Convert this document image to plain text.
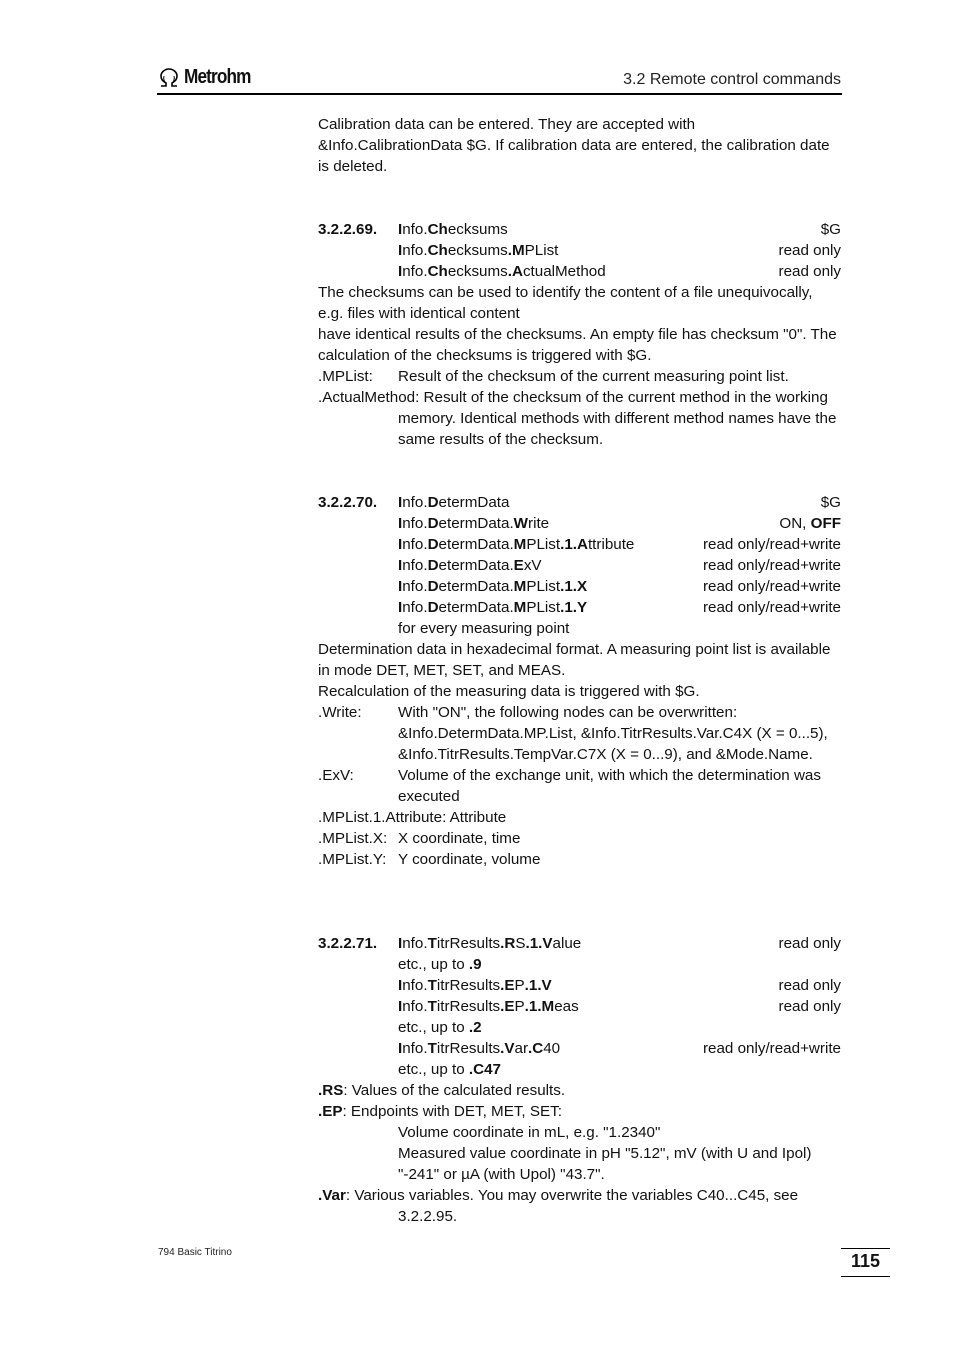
Metrohm	3.2 Remote control commands

Calibration data can be entered. They are accepted with &Info.CalibrationData $G. If calibration data are entered, the calibration date is deleted.

3.2.2.69.	Info.Checksums	$G
Info.Checksums.MPList	read only
Info.Checksums.ActualMethod	read only

The checksums can be used to identify the content of a file unequivocally, e.g. files with identical content

have identical results of the checksums. An empty file has checksum "0". The calculation of the checksums is triggered with $G.

.MPList:	Result of the checksum of the current measuring point list.
.ActualMethod: Result of the checksum of the current method in the working
memory. Identical methods with different method names have the same results of the checksum.
3.2.2.70.	Info.DetermData	$G
Info.DetermData.Write	ON, OFF
Info.DetermData.MPList.1.Attribute	read only/read+write
Info.DetermData.ExV	read only/read+write
Info.DetermData.MPList.1.X	read only/read+write
Info.DetermData.MPList.1.Y	read only/read+write
for every measuring point

Determination data in hexadecimal format. A measuring point list is available in mode DET, MET, SET, and MEAS.

Recalculation of the measuring data is triggered with $G.

.Write:	With "ON", the following nodes can be overwritten: &Info.DetermData.MP.List, &Info.TitrResults.Var.C4X (X = 0...5), &Info.TitrResults.TempVar.C7X (X = 0...9), and &Mode.Name.
.ExV:	Volume of the exchange unit, with which the determination was executed
.MPList.1.Attribute: Attribute
.MPList.X: X coordinate, time
.MPList.Y: Y coordinate, volume
3.2.2.71.	Info.TitrResults.RS.1.Value	read only
etc., up to .9
Info.TitrResults.EP.1.V	read only
Info.TitrResults.EP.1.Meas	read only
etc., up to .2
Info.TitrResults.Var.C40	read only/read+write
etc., up to .C47
.RS: Values of the calculated results.
.EP: Endpoints with DET, MET, SET:
Volume coordinate in mL, e.g. "1.2340"
Measured value coordinate in pH "5.12", mV (with U and Ipol) "-241" or µA (with Upol) "43.7".
.Var: Various variables. You may overwrite the variables C40...C45, see
3.2.2.95.
794 Basic Titrino	115
